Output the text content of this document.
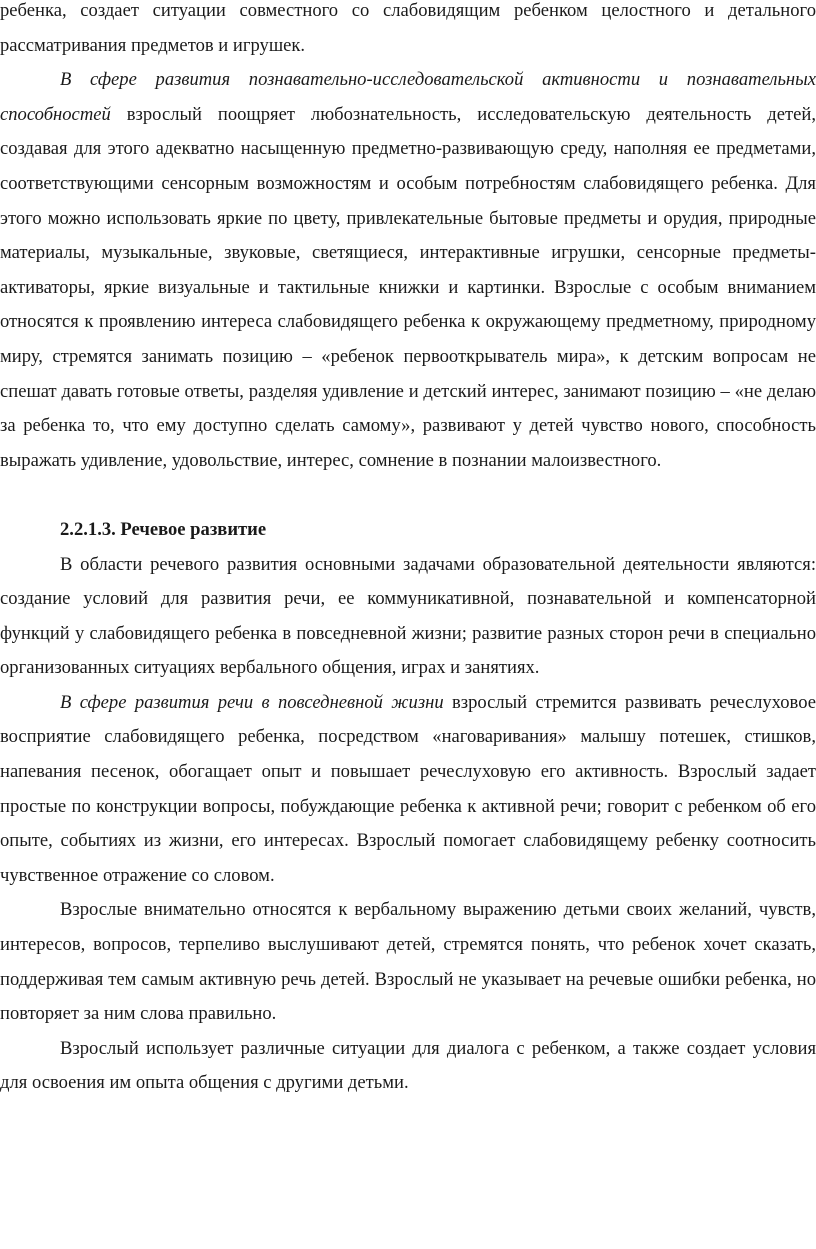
ребенка, создает ситуации совместного со слабовидящим ребенком целостного и детального рассматривания предметов и игрушек.

В сфере развития познавательно-исследовательской активности и познавательных способностей взрослый поощряет любознательность, исследовательскую деятельность детей, создавая для этого адекватно насыщенную предметно-развивающую среду, наполняя ее предметами, соответствующими сенсорным возможностям и особым потребностям слабовидящего ребенка. Для этого можно использовать яркие по цвету, привлекательные бытовые предметы и орудия, природные материалы, музыкальные, звуковые, светящиеся, интерактивные игрушки, сенсорные предметы-активаторы, яркие визуальные и тактильные книжки и картинки. Взрослые с особым вниманием относятся к проявлению интереса слабовидящего ребенка к окружающему предметному, природному миру, стремятся занимать позицию – «ребенок первооткрыватель мира», к детским вопросам не спешат давать готовые ответы, разделяя удивление и детский интерес, занимают позицию – «не делаю за ребенка то, что ему доступно сделать самому», развивают у детей чувство нового, способность выражать удивление, удовольствие, интерес, сомнение в познании малоизвестного.

2.2.1.3. Речевое развитие

В области речевого развития основными задачами образовательной деятельности являются: создание условий для развития речи, ее коммуникативной, познавательной и компенсаторной функций у слабовидящего ребенка в повседневной жизни; развитие разных сторон речи в специально организованных ситуациях вербального общения, играх и занятиях.

В сфере развития речи в повседневной жизни взрослый стремится развивать речеслуховое восприятие слабовидящего ребенка, посредством «наговаривания» малышу потешек, стишков, напевания песенок, обогащает опыт и повышает речеслуховую его активность. Взрослый задает простые по конструкции вопросы, побуждающие ребенка к активной речи; говорит с ребенком об его опыте, событиях из жизни, его интересах. Взрослый помогает слабовидящему ребенку соотносить чувственное отражение со словом.

Взрослые внимательно относятся к вербальному выражению детьми своих желаний, чувств, интересов, вопросов, терпеливо выслушивают детей, стремятся понять, что ребенок хочет сказать, поддерживая тем самым активную речь детей. Взрослый не указывает на речевые ошибки ребенка, но повторяет за ним слова правильно.

Взрослый использует различные ситуации для диалога с ребенком, а также создает условия для освоения им опыта общения с другими детьми.
